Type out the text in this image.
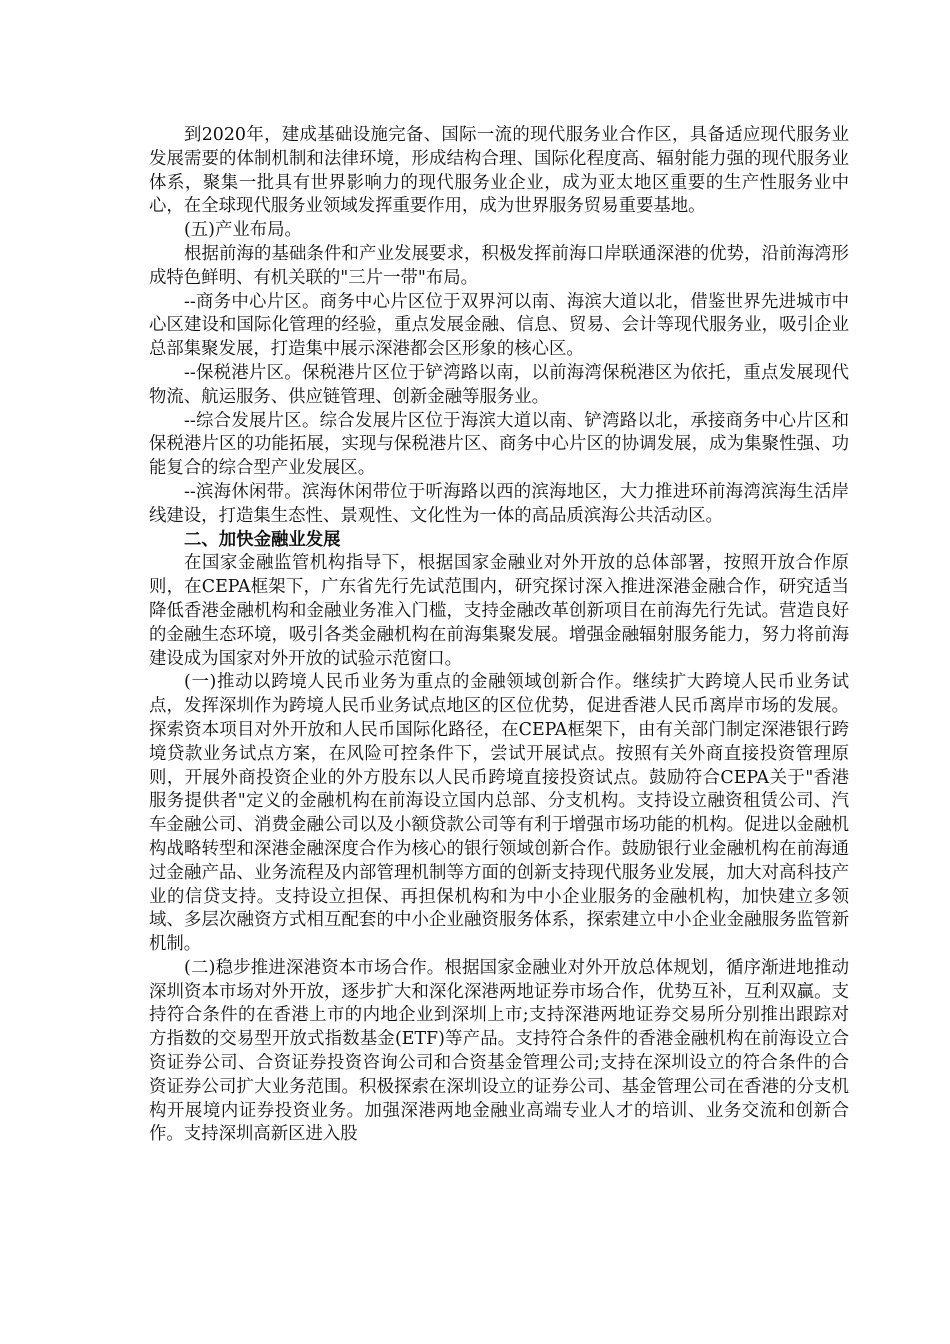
到2020年，建成基础设施完备、国际一流的现代服务业合作区，具备适应现代服务业发展需要的体制机制和法律环境，形成结构合理、国际化程度高、辐射能力强的现代服务业体系，聚集一批具有世界影响力的现代服务业企业，成为亚太地区重要的生产性服务业中心，在全球现代服务业领域发挥重要作用，成为世界服务贸易重要基地。

(五)产业布局。

根据前海的基础条件和产业发展要求，积极发挥前海口岸联通深港的优势，沿前海湾形成特色鲜明、有机关联的"三片一带"布局。

--商务中心片区。商务中心片区位于双界河以南、海滨大道以北，借鉴世界先进城市中心区建设和国际化管理的经验，重点发展金融、信息、贸易、会计等现代服务业，吸引企业总部集聚发展，打造集中展示深港都会区形象的核心区。

--保税港片区。保税港片区位于铲湾路以南，以前海湾保税港区为依托，重点发展现代物流、航运服务、供应链管理、创新金融等服务业。

--综合发展片区。综合发展片区位于海滨大道以南、铲湾路以北，承接商务中心片区和保税港片区的功能拓展，实现与保税港片区、商务中心片区的协调发展，成为集聚性强、功能复合的综合型产业发展区。

--滨海休闲带。滨海休闲带位于听海路以西的滨海地区，大力推进环前海湾滨海生活岸线建设，打造集生态性、景观性、文化性为一体的高品质滨海公共活动区。

二、加快金融业发展

在国家金融监管机构指导下，根据国家金融业对外开放的总体部署，按照开放合作原则，在CEPA框架下，广东省先行先试范围内，研究探讨深入推进深港金融合作，研究适当降低香港金融机构和金融业务准入门槛，支持金融改革创新项目在前海先行先试。营造良好的金融生态环境，吸引各类金融机构在前海集聚发展。增强金融辐射服务能力，努力将前海建设成为国家对外开放的试验示范窗口。

(一)推动以跨境人民币业务为重点的金融领域创新合作。继续扩大跨境人民币业务试点，发挥深圳作为跨境人民币业务试点地区的区位优势，促进香港人民币离岸市场的发展。探索资本项目对外开放和人民币国际化路径，在CEPA框架下，由有关部门制定深港银行跨境贷款业务试点方案，在风险可控条件下，尝试开展试点。按照有关外商直接投资管理原则，开展外商投资企业的外方股东以人民币跨境直接投资试点。鼓励符合CEPA关于"香港服务提供者"定义的金融机构在前海设立国内总部、分支机构。支持设立融资租赁公司、汽车金融公司、消费金融公司以及小额贷款公司等有利于增强市场功能的机构。促进以金融机构战略转型和深港金融深度合作为核心的银行领域创新合作。鼓励银行业金融机构在前海通过金融产品、业务流程及内部管理机制等方面的创新支持现代服务业发展，加大对高科技产业的信贷支持。支持设立担保、再担保机构和为中小企业服务的金融机构，加快建立多领域、多层次融资方式相互配套的中小企业融资服务体系，探索建立中小企业金融服务监管新机制。

(二)稳步推进深港资本市场合作。根据国家金融业对外开放总体规划，循序渐进地推动深圳资本市场对外开放，逐步扩大和深化深港两地证券市场合作，优势互补，互利双赢。支持符合条件的在香港上市的内地企业到深圳上市;支持深港两地证券交易所分别推出跟踪对方指数的交易型开放式指数基金(ETF)等产品。支持符合条件的香港金融机构在前海设立合资证券公司、合资证券投资咨询公司和合资基金管理公司;支持在深圳设立的符合条件的合资证券公司扩大业务范围。积极探索在深圳设立的证券公司、基金管理公司在香港的分支机构开展境内证券投资业务。加强深港两地金融业高端专业人才的培训、业务交流和创新合作。支持深圳高新区进入股
